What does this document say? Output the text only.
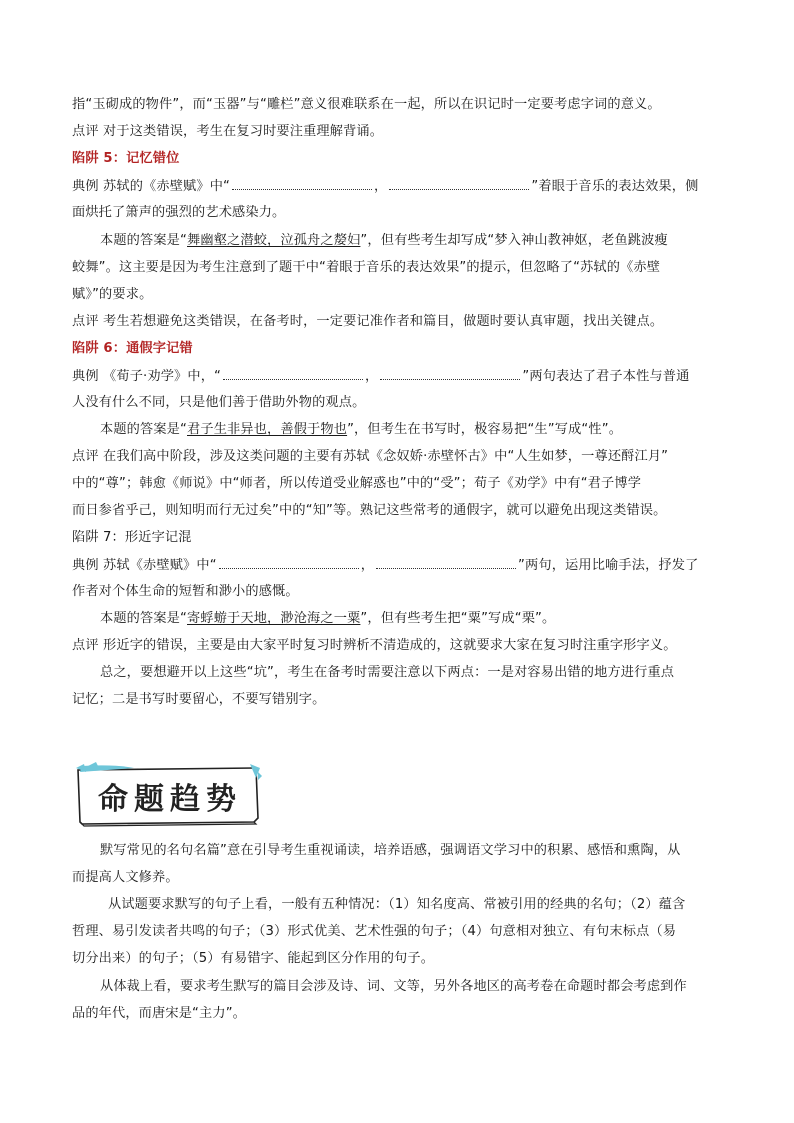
指“玉砌成的物件”，而“玉器”与“雕栏”意义很难联系在一起，所以在识记时一定要考虑字词的意义。
点评 对于这类错误，考生在复习时要注重理解背诵。
陷阱 5：记忆错位
典例 苏轼的《赤壁赋》中“	，	”着眼于音乐的表达效果，侧
面烘托了箫声的强烈的艺术感染力。
本题的答案是“舞幽壑之潜蛟，泣孤舟之嫠妇”，但有些考生却写成“梦入神山教神妪，老鱼跳波瘦
蛟舞”。这主要是因为考生注意到了题干中“着眼于音乐的表达效果”的提示，但忽略了“苏轼的《赤壁
赋》”的要求。
点评 考生若想避免这类错误，在备考时，一定要记准作者和篇目，做题时要认真审题，找出关键点。
陷阱 6：通假字记错
典例 《荀子·劝学》中，“	，	”两句表达了君子本性与普通
人没有什么不同，只是他们善于借助外物的观点。
本题的答案是“君子生非异也，善假于物也”，但考生在书写时，极容易把“生”写成“性”。
点评 在我们高中阶段，涉及这类问题的主要有苏轼《念奴娇·赤壁怀古》中“人生如梦，一尊还酹江月”
中的“尊”；韩愈《师说》中“师者，所以传道受业解惑也”中的“受”；荀子《劝学》中有“君子博学
而日参省乎己，则知明而行无过矣”中的“知”等。熟记这些常考的通假字，就可以避免出现这类错误。
陷阱 7：形近字记混
典例 苏轼《赤壁赋》中“	，	”两句，运用比喻手法，抒发了
作者对个体生命的短暂和渺小的感慨。
本题的答案是“寄蜉蝣于天地，渺沧海之一粟”，但有些考生把“粟”写成“栗”。
点评 形近字的错误，主要是由大家平时复习时辨析不清造成的，这就要求大家在复习时注重字形字义。
总之，要想避开以上这些“坑”，考生在备考时需要注意以下两点：一是对容易出错的地方进行重点
记忆；二是书写时要留心，不要写错别字。
命题趋势
默写常见的名句名篇”意在引导考生重视诵读，培养语感，强调语文学习中的积累、感悟和熏陶，从
而提高人文修养。
从试题要求默写的句子上看，一般有五种情况：（1）知名度高、常被引用的经典的名句；（2）蕴含
哲理、易引发读者共鸣的句子；（3）形式优美、艺术性强的句子；（4）句意相对独立、有句末标点（易
切分出来）的句子；（5）有易错字、能起到区分作用的句子。
从体裁上看，要求考生默写的篇目会涉及诗、词、文等，另外各地区的高考卷在命题时都会考虑到作
品的年代，而唐宋是“主力”。
